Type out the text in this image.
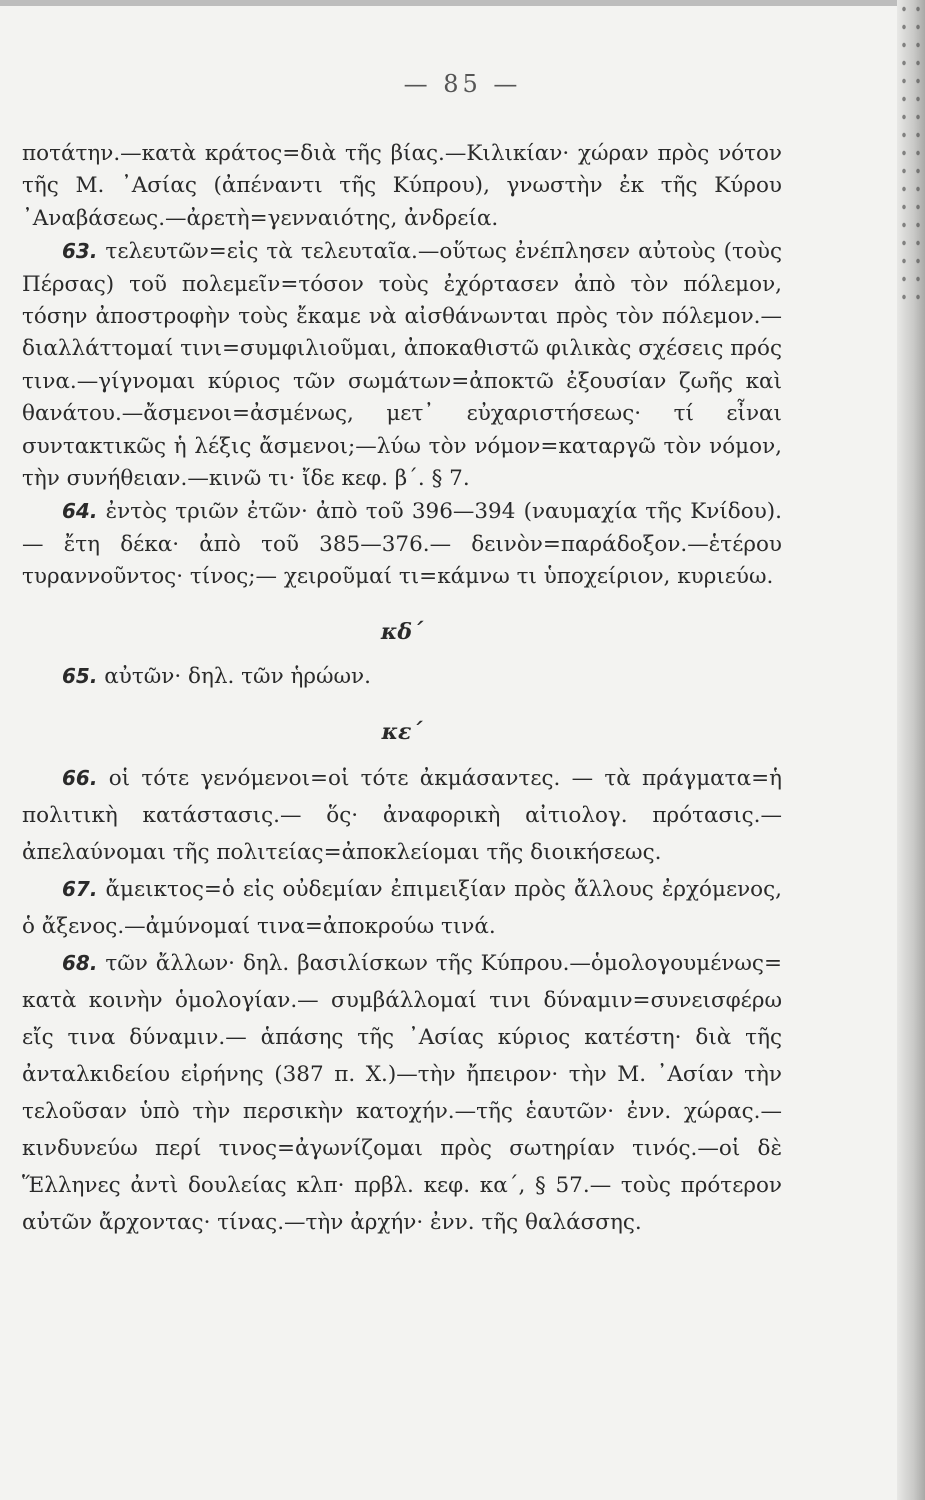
— 85 —

ποτάτην.—κατὰ κράτος=διὰ τῆς βίας.—Κιλικίαν· χώραν πρὸς νότον τῆς Μ. ᾿Ασίας (ἀπέναντι τῆς Κύπρου), γνωστὴν ἐκ τῆς Κύρου ᾿Αναβάσεως.—ἀρετὴ=γενναιότης, ἀνδρεία.

63. τελευτῶν=εἰς τὰ τελευταῖα.—οὕτως ἐνέπλησεν αὐτοὺς (τοὺς Πέρσας) τοῦ πολεμεῖν=τόσον τοὺς ἐχόρτασεν ἀπὸ τὸν πόλεμον, τόσην ἀποστροφὴν τοὺς ἔκαμε νὰ αἰσθάνωνται πρὸς τὸν πόλεμον.—διαλλάττομαί τινι=συμφιλιοῦμαι, ἀποκαθιστῶ φιλικὰς σχέσεις πρός τινα.—γίγνομαι κύριος τῶν σωμάτων=ἀποκτῶ ἐξουσίαν ζωῆς καὶ θανάτου.—ἄσμενοι=ἀσμένως, μετ᾿ εὐχαριστήσεως· τί εἶναι συντακτικῶς ἡ λέξις ἄσμενοι;—λύω τὸν νόμον=καταργῶ τὸν νόμον, τὴν συνήθειαν.—κινῶ τι· ἴδε κεφ. β΄. § 7.

64. ἐντὸς τριῶν ἐτῶν· ἀπὸ τοῦ 396—394 (ναυμαχία τῆς Κνίδου).— ἔτη δέκα· ἀπὸ τοῦ 385—376.— δεινὸν=παράδοξον.—ἑτέρου τυραννοῦντος· τίνος;— χειροῦμαί τι=κάμνω τι ὑποχείριον, κυριεύω.

κδ΄

65. αὐτῶν· δηλ. τῶν ἡρώων.

κε΄

66. οἱ τότε γενόμενοι=οἱ τότε ἀκμάσαντες. — τὰ πράγματα=ἡ πολιτικὴ κατάστασις.— ὅς· ἀναφορικὴ αἰτιολογ. πρότασις.— ἀπελαύνομαι τῆς πολιτείας=ἀποκλείομαι τῆς διοικήσεως.

67. ἄμεικτος=ὁ εἰς οὐδεμίαν ἐπιμειξίαν πρὸς ἄλλους ἐρχόμενος, ὁ ἄξενος.—ἀμύνομαί τινα=ἀποκρούω τινά.

68. τῶν ἄλλων· δηλ. βασιλίσκων τῆς Κύπρου.—ὁμολογουμένως= κατὰ κοινὴν ὁμολογίαν.— συμβάλλομαί τινι δύναμιν=συνεισφέρω εἴς τινα δύναμιν.— ἁπάσης τῆς ᾿Ασίας κύριος κατέστη· διὰ τῆς ἀνταλκιδείου εἰρήνης (387 π. Χ.)—τὴν ἤπειρον· τὴν Μ. ᾿Ασίαν τὴν τελοῦσαν ὑπὸ τὴν περσικὴν κατοχήν.—τῆς ἑαυτῶν· ἐνν. χώρας.—κινδυνεύω περί τινος=ἀγωνίζομαι πρὸς σωτηρίαν τινός.—οἱ δὲ Ἕλληνες ἀντὶ δουλείας κλπ· πρβλ. κεφ. κα΄, § 57.— τοὺς πρότερον αὐτῶν ἄρχοντας· τίνας.—τὴν ἀρχήν· ἐνν. τῆς θαλάσσης.
